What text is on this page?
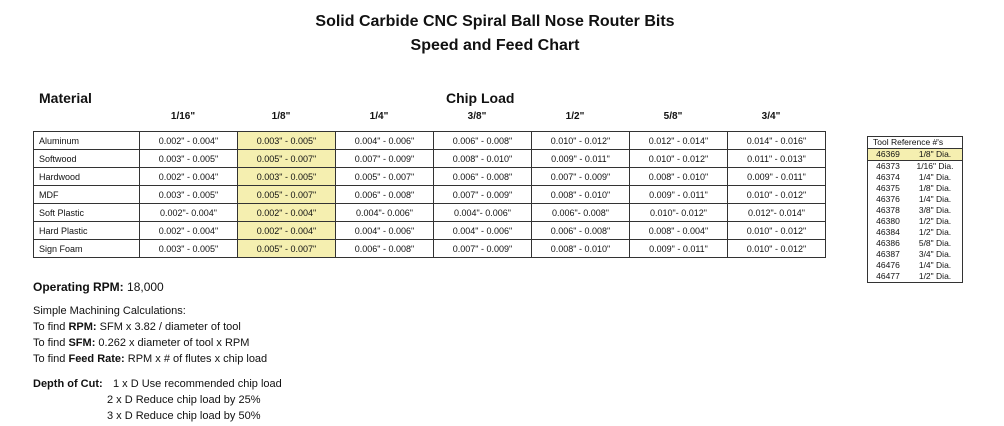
Solid Carbide CNC Spiral Ball Nose Router Bits
Speed and Feed Chart
Material	Chip Load
1/16"	1/8"	1/4"	3/8"	1/2"	5/8"	3/4"
Aluminum	0.002" - 0.004"	0.003" - 0.005"	0.004" - 0.006"	0.006" - 0.008"	0.010" - 0.012"	0.012" - 0.014"	0.014" - 0.016"
Softwood	0.003" - 0.005"	0.005" - 0.007"	0.007" - 0.009"	0.008" - 0.010"	0.009" - 0.011"	0.010" - 0.012"	0.011" - 0.013"
Hardwood	0.002" - 0.004"	0.003" - 0.005"	0.005" - 0.007"	0.006" - 0.008"	0.007" - 0.009"	0.008" - 0.010"	0.009" - 0.011"
MDF	0.003" - 0.005"	0.005" - 0.007"	0.006" - 0.008"	0.007" - 0.009"	0.008" - 0.010"	0.009" - 0.011"	0.010" - 0.012"
Soft Plastic	0.002"- 0.004"	0.002" - 0.004"	0.004"- 0.006"	0.004"- 0.006"	0.006"- 0.008"	0.010"- 0.012"	0.012"- 0.014"
Hard Plastic	0.002" - 0.004"	0.002" - 0.004"	0.004" - 0.006"	0.004" - 0.006"	0.006" - 0.008"	0.008" - 0.004"	0.010" - 0.012"
Sign Foam	0.003" - 0.005"	0.005" - 0.007"	0.006" - 0.008"	0.007" - 0.009"	0.008" - 0.010"	0.009" - 0.011"	0.010" - 0.012"
Tool Reference #'s	
46369	1/8" Dia.
46373	1/16" Dia.
46374	1/4" Dia.
46375	1/8" Dia.
46376	1/4" Dia.
46378	3/8" Dia.
46380	1/2" Dia.
46384	1/2" Dia.
46386	5/8" Dia.
46387	3/4" Dia.
46476	1/4" Dia.
46477	1/2" Dia.
Operating RPM: 18,000
Simple Machining Calculations:
To find RPM: SFM x 3.82 / diameter of tool
To find SFM: 0.262 x diameter of tool x RPM
To find Feed Rate: RPM x # of flutes x chip load
Depth of Cut: 1 x D Use recommended chip load
2 x D Reduce chip load by 25%
3 x D Reduce chip load by 50%
